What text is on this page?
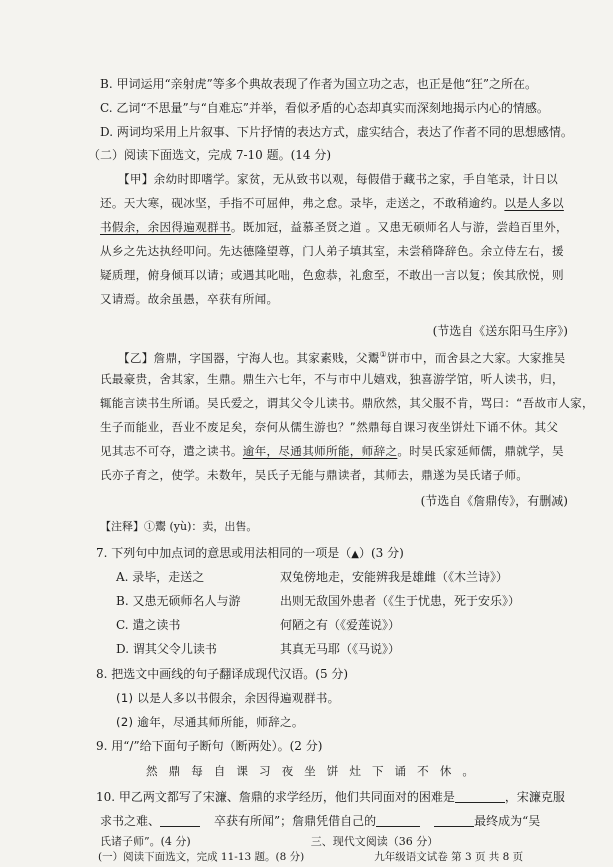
B. 甲词运用“亲射虎”等多个典故表现了作者为国立功之志，也正是他“狂”之所在。
C. 乙词“不思量”与“自难忘”并举，看似矛盾的心态却真实而深刻地揭示内心的情感。
D. 两词均采用上片叙事、下片抒情的表达方式，虚实结合，表达了作者不同的思想感情。
（二）阅读下面选文，完成 7-10 题。(14 分)
【甲】余幼时即嗜学。家贫，无从致书以观，每假借于藏书之家，手自笔录，计日以
还。天大寒，砚冰坚，手指不可屈伸，弗之怠。录毕，走送之，不敢稍逾约。以是人多以
书假余，余因得遍观群书。既加冠，益慕圣贤之道 。又患无硕师名人与游，尝趋百里外，
从乡之先达执经叩问。先达德隆望尊，门人弟子填其室，未尝稍降辞色。余立侍左右，援
疑质理，俯身倾耳以请；或遇其叱咄，色愈恭，礼愈至，不敢出一言以复；俟其欣悦，则
又请焉。故余虽愚，卒获有所闻。
(节选自《送东阳马生序》)
【乙】詹鼎，字国器，宁海人也。其家素贱，父鬻①饼市中，而舍县之大家。大家推吴
氏最豪贵，舍其家，生鼎。鼎生六七年，不与市中儿嬉戏，独喜游学馆，听人读书，归，
辄能言读书生所诵。吴氏爱之，谓其父令儿读书。鼎欣然，其父服不肯，骂曰：“吾故市人家，
生子而能业，吾业不废足矣，奈何从儒生游也？”然鼎每自课习夜坐饼灶下诵不休。其父
见其志不可夺，遣之读书。逾年，尽通其师所能，师辞之。时吴氏家延师儒，鼎就学，吴
氏亦子育之，使学。未数年，吴氏子无能与鼎读者，其师去，鼎遂为吴氏诸子师。
(节选自《詹鼎传》，有删减)
【注释】①鬻 (yù)：卖，出售。
7. 下列句中加点词的意思或用法相同的一项是（▲）(3 分)
A. 录毕，走送之	双兔傍地走，安能辨我是雄雌（《木兰诗》）
B. 又患无硕师名人与游	出则无敌国外患者（《生于忧患，死于安乐》）
C. 遣之读书	何陋之有（《爱莲说》）
D. 谓其父令儿读书	其真无马耶（《马说》）
8. 把选文中画线的句子翻译成现代汉语。(5 分)
(1) 以是人多以书假余，余因得遍观群书。
(2) 逾年，尽通其师所能，师辞之。
9. 用“/”给下面句子断句（断两处）。(2 分)
然鼎每自课习夜坐饼灶下诵不休。
10. 甲乙两文都写了宋濂、詹鼎的求学经历，他们共同面对的困难是	，宋濂克服
求书之难、	卒获有所闻”；詹鼎凭借自己的	最终成为“吴
氏诸子师”。(4 分)	三、现代文阅读（36 分）
(一）阅读下面选文，完成 11-13 题。(8 分)	九年级语文试卷 第 3 页 共 8 页
